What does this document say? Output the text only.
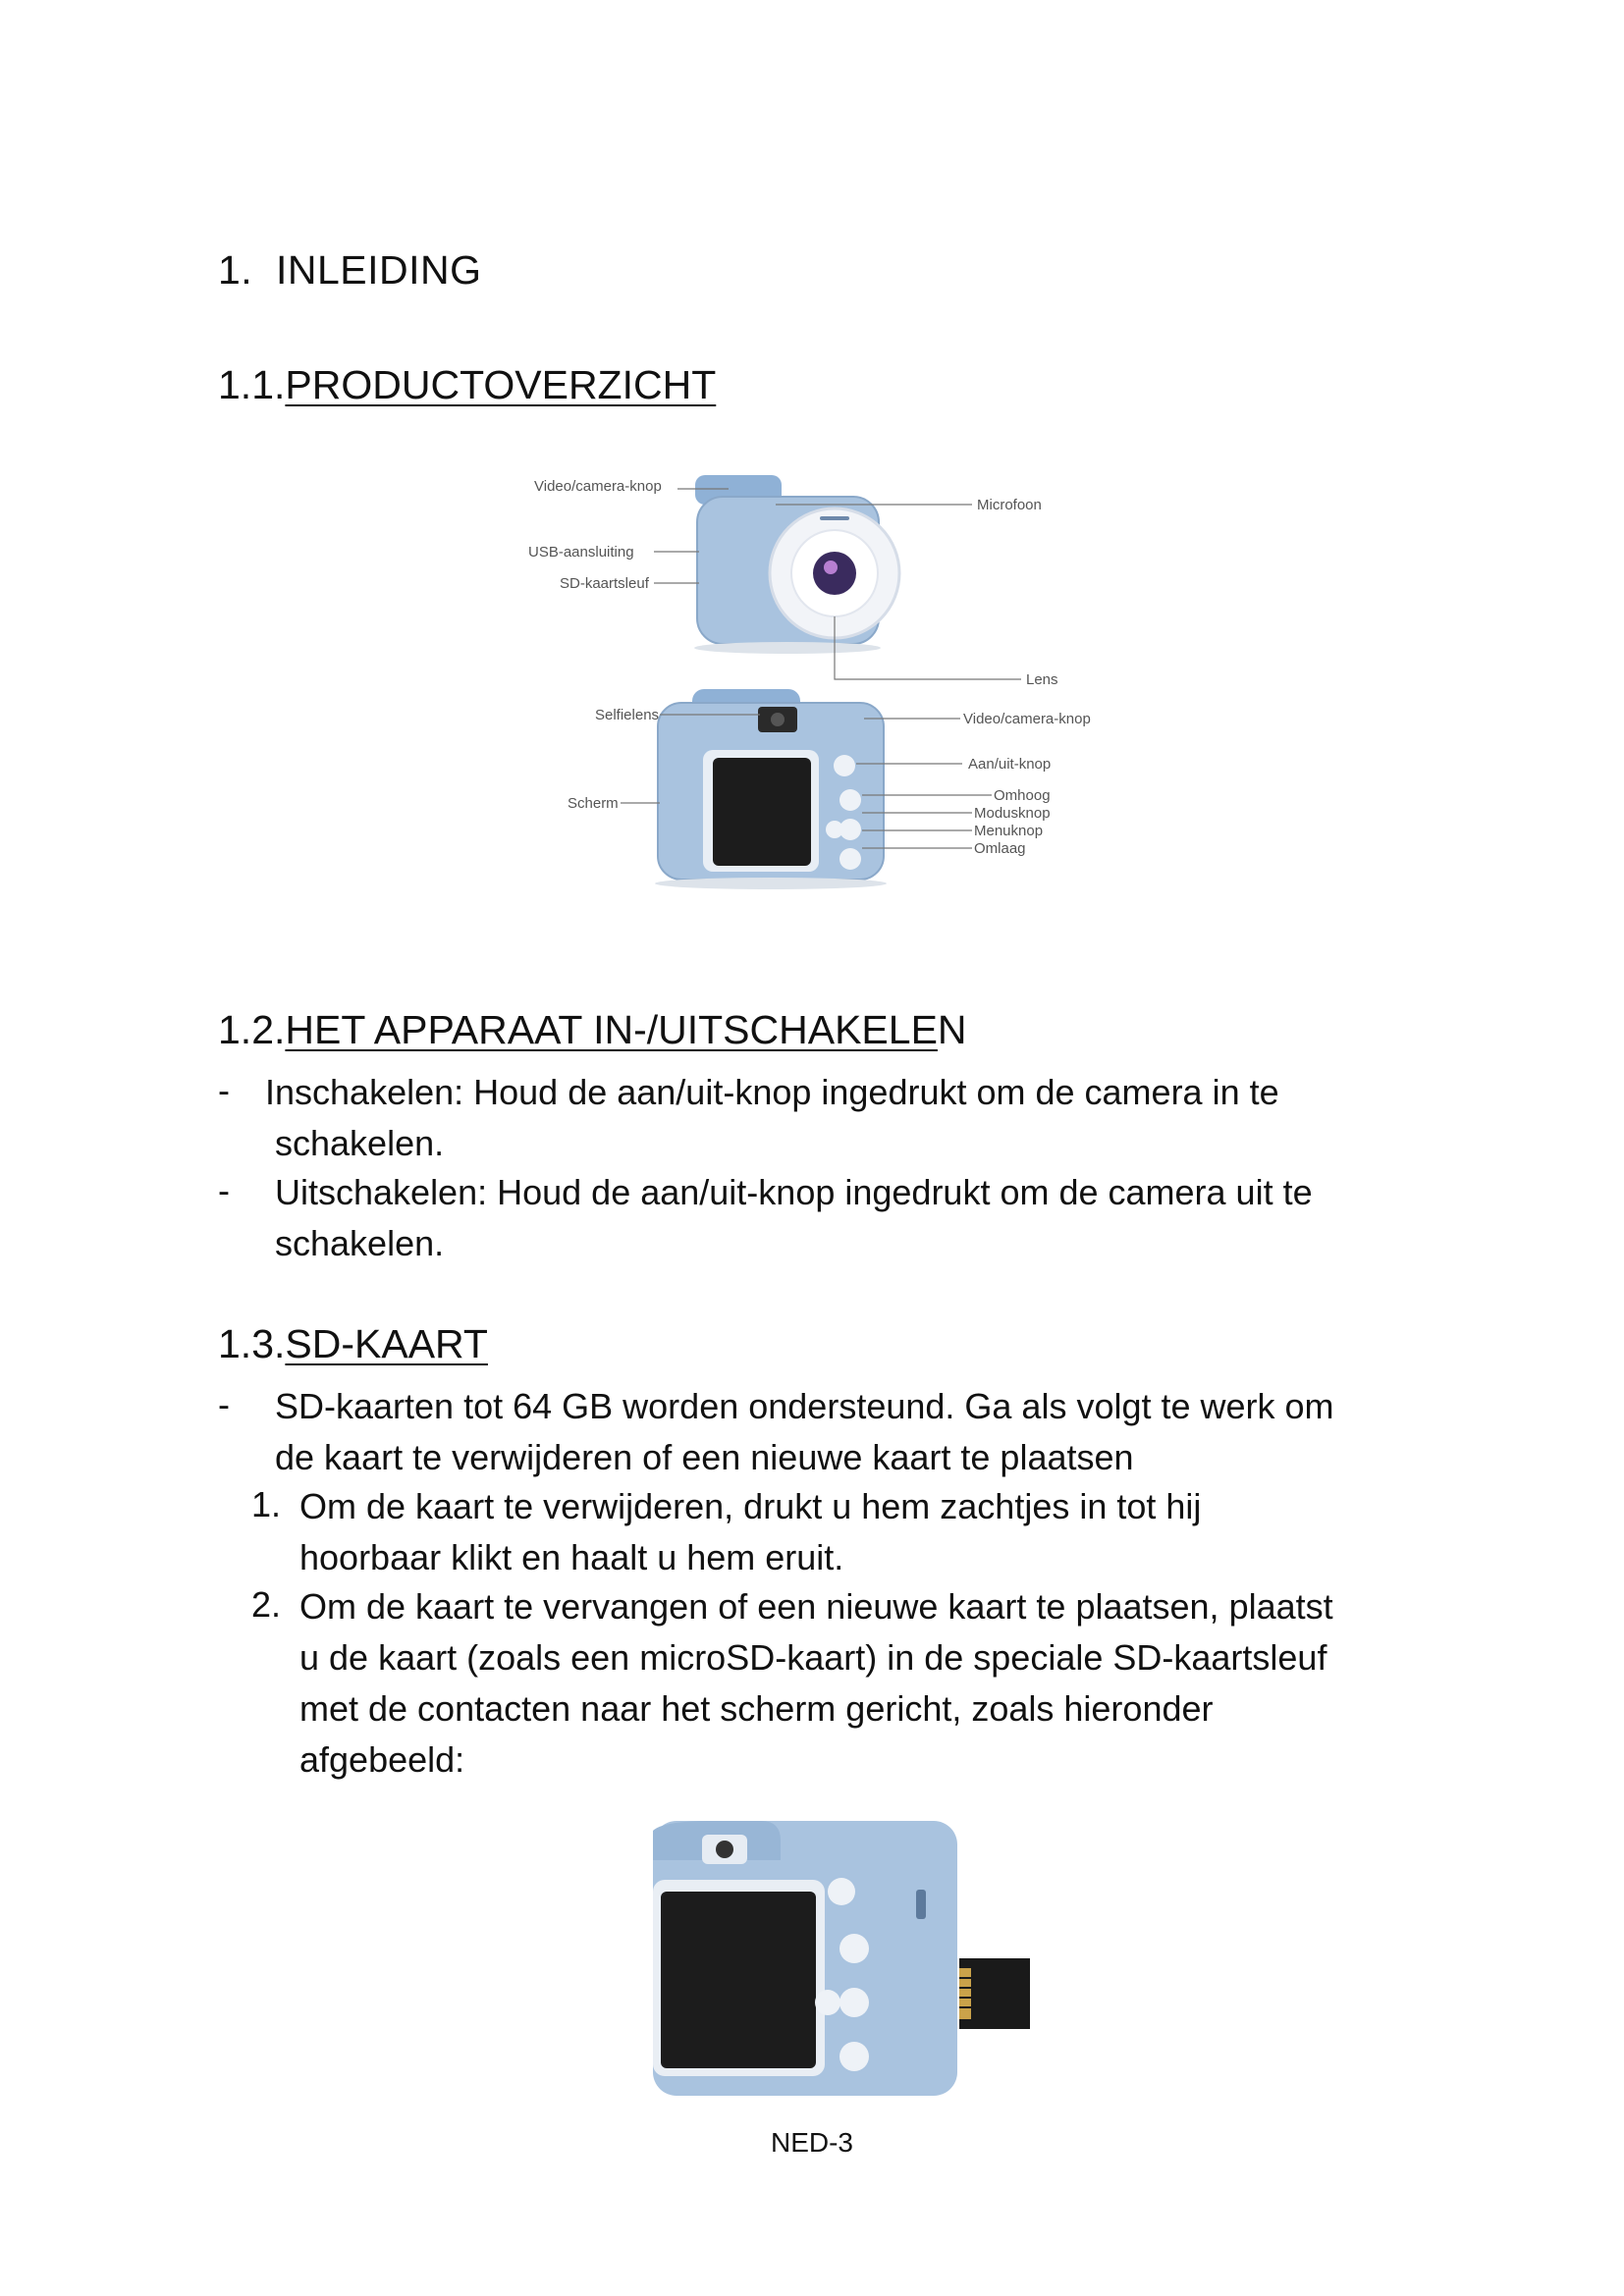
1. INLEIDING
1.1.PRODUCTOVERZICHT
Video/camera-knop
Microfoon
USB-aansluiting
SD-kaartsleuf
Lens
Selfielens	Video/camera-knop
Aan/uit-knop
Scherm	Omhoog
Modusknop
Menuknop
Omlaag
1.2.HET APPARAAT IN-/UITSCHAKELEN
- Inschakelen: Houd de aan/uit-knop ingedrukt om de camera in te
schakelen.
- Uitschakelen: Houd de aan/uit-knop ingedrukt om de camera uit te
schakelen.
1.3.SD-KAART
- SD-kaarten tot 64 GB worden ondersteund. Ga als volgt te werk om
de kaart te verwijderen of een nieuwe kaart te plaatsen
1. Om de kaart te verwijderen, drukt u hem zachtjes in tot hij
hoorbaar klikt en haalt u hem eruit.
2. Om de kaart te vervangen of een nieuwe kaart te plaatsen, plaatst
u de kaart (zoals een microSD-kaart) in de speciale SD-kaartsleuf
met de contacten naar het scherm gericht, zoals hieronder
afgebeeld:
NED-3
